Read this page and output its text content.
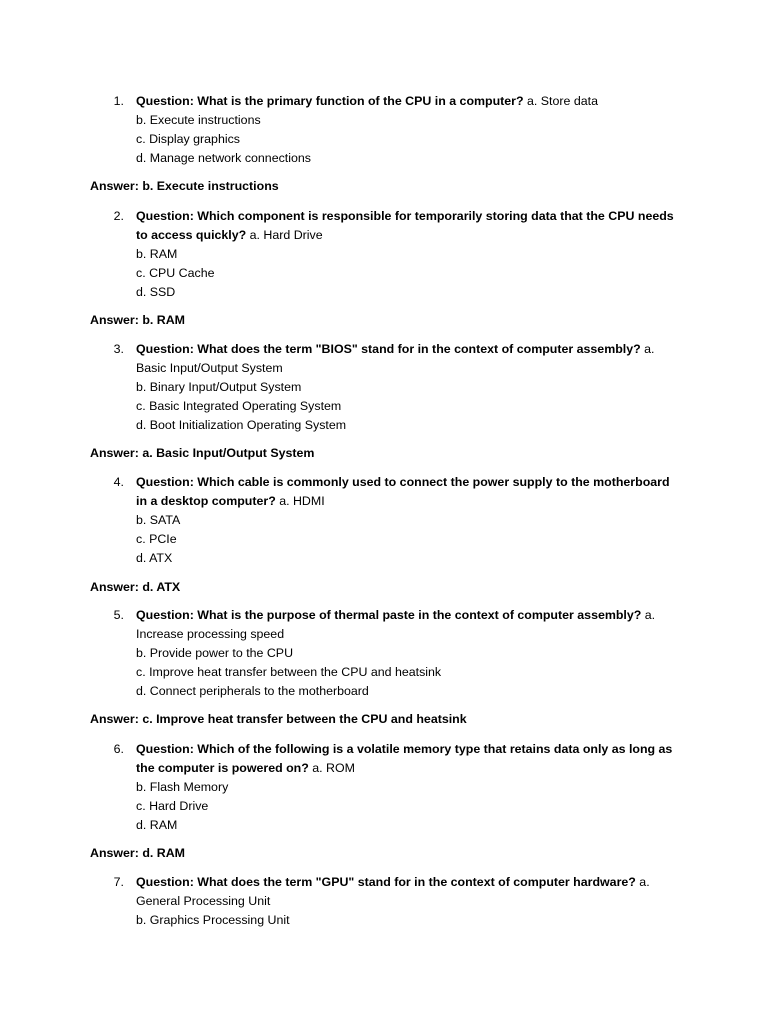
1. Question: What is the primary function of the CPU in a computer? a. Store data
b. Execute instructions
c. Display graphics
d. Manage network connections
Answer: b. Execute instructions
2. Question: Which component is responsible for temporarily storing data that the CPU needs to access quickly? a. Hard Drive
b. RAM
c. CPU Cache
d. SSD
Answer: b. RAM
3. Question: What does the term "BIOS" stand for in the context of computer assembly? a. Basic Input/Output System
b. Binary Input/Output System
c. Basic Integrated Operating System
d. Boot Initialization Operating System
Answer: a. Basic Input/Output System
4. Question: Which cable is commonly used to connect the power supply to the motherboard in a desktop computer? a. HDMI
b. SATA
c. PCIe
d. ATX
Answer: d. ATX
5. Question: What is the purpose of thermal paste in the context of computer assembly? a. Increase processing speed
b. Provide power to the CPU
c. Improve heat transfer between the CPU and heatsink
d. Connect peripherals to the motherboard
Answer: c. Improve heat transfer between the CPU and heatsink
6. Question: Which of the following is a volatile memory type that retains data only as long as the computer is powered on? a. ROM
b. Flash Memory
c. Hard Drive
d. RAM
Answer: d. RAM
7. Question: What does the term "GPU" stand for in the context of computer hardware? a. General Processing Unit
b. Graphics Processing Unit
